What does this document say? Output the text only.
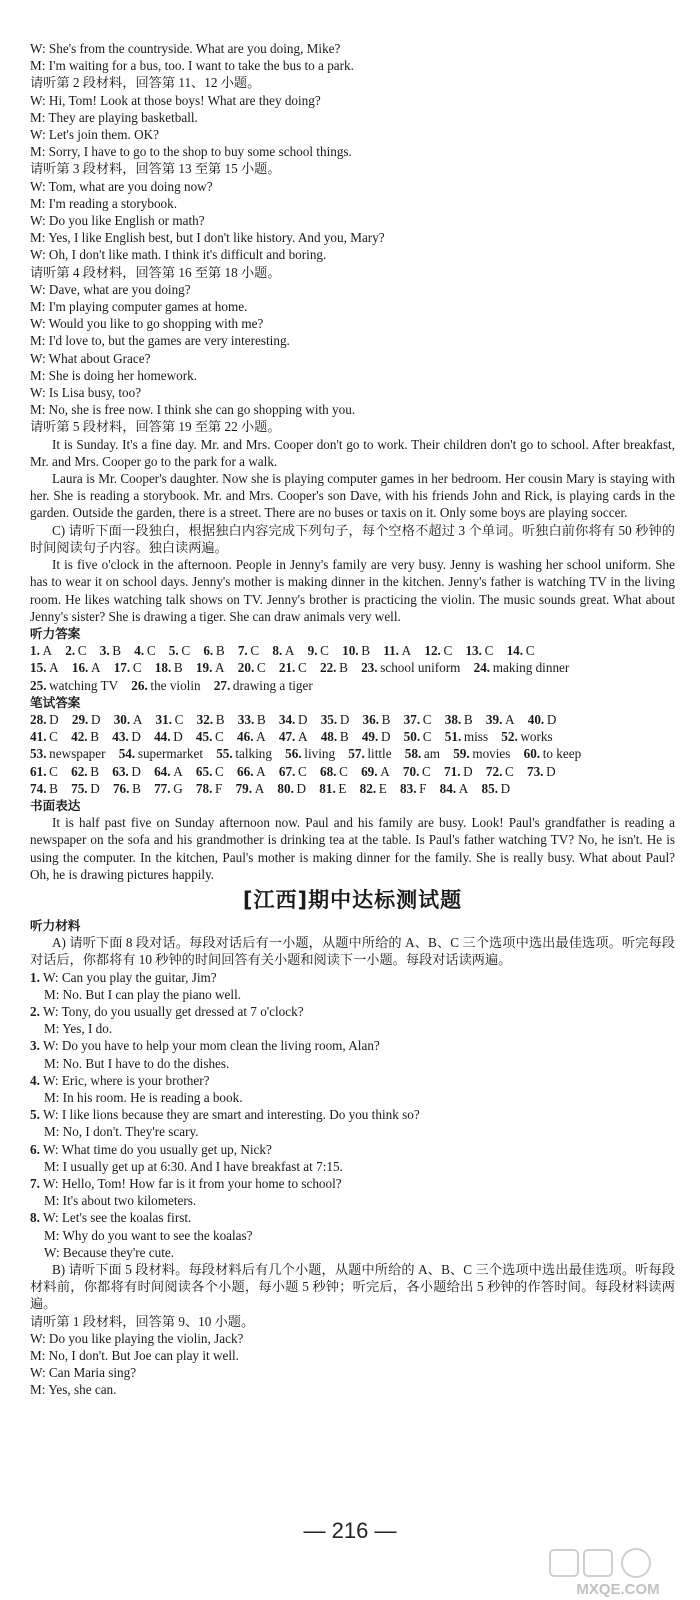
W: She's from the countryside. What are you doing, Mike?
M: I'm waiting for a bus, too. I want to take the bus to a park.
请听第 2 段材料，回答第 11、12 小题。
W: Hi, Tom! Look at those boys! What are they doing?
M: They are playing basketball.
W: Let's join them. OK?
M: Sorry, I have to go to the shop to buy some school things.
请听第 3 段材料，回答第 13 至第 15 小题。
W: Tom, what are you doing now?
M: I'm reading a storybook.
W: Do you like English or math?
M: Yes, I like English best, but I don't like history. And you, Mary?
W: Oh, I don't like math. I think it's difficult and boring.
请听第 4 段材料，回答第 16 至第 18 小题。
W: Dave, what are you doing?
M: I'm playing computer games at home.
W: Would you like to go shopping with me?
M: I'd love to, but the games are very interesting.
W: What about Grace?
M: She is doing her homework.
W: Is Lisa busy, too?
M: No, she is free now. I think she can go shopping with you.
请听第 5 段材料，回答第 19 至第 22 小题。
It is Sunday. It's a fine day. Mr. and Mrs. Cooper don't go to work. Their children don't go to school. After breakfast, Mr. and Mrs. Cooper go to the park for a walk.
Laura is Mr. Cooper's daughter. Now she is playing computer games in her bedroom. Her cousin Mary is staying with her. She is reading a storybook. Mr. and Mrs. Cooper's son Dave, with his friends John and Rick, is playing cards in the garden. Outside the garden, there is a street. There are no buses or taxis on it. Only some boys are playing soccer.
C) 请听下面一段独白，根据独白内容完成下列句子，每个空格不超过 3 个单词。听独白前你将有 50 秒钟的时间阅读句子内容。独白读两遍。
It is five o'clock in the afternoon. People in Jenny's family are very busy. Jenny is washing her school uniform. She has to wear it on school days. Jenny's mother is making dinner in the kitchen. Jenny's father is watching TV in the living room. He likes watching talk shows on TV. Jenny's brother is practicing the violin. The music sounds great. What about Jenny's sister? She is drawing a tiger. She can draw animals very well.
听力答案
1.  A  2.  C  3.  B  4.  C  5.  C  6.  B  7.  C  8.  A  9.  C  10.  B  11.  A  12.  C  13.  C  14.  C
15.  A  16.  A  17.  C  18.  B  19.  A  20.  C  21.  C  22.  B  23.  school uniform  24.  making dinner
25.  watching TV  26.  the violin  27.  drawing a tiger
笔试答案
28.  D  29.  D  30.  A  31.  C  32.  B  33.  B  34.  D  35.  D  36.  B  37.  C  38.  B  39.  A  40.  D
41.  C  42.  B  43.  D  44.  D  45.  C  46.  A  47.  A  48.  B  49.  D  50.  C  51.  miss  52.  works
53.  newspaper  54.  supermarket  55.  talking  56.  living  57.  little  58.  am  59.  movies  60.  to keep
61.  C  62.  B  63.  D  64.  A  65.  C  66.  A  67.  C  68.  C  69.  A  70.  C  71.  D  72.  C  73.  D
74.  B  75.  D  76.  B  77.  G  78.  F  79.  A  80.  D  81.  E  82.  E  83.  F  84.  A  85.  D
书面表达
It is half past five on Sunday afternoon now. Paul and his family are busy. Look! Paul's grandfather is reading a newspaper on the sofa and his grandmother is drinking tea at the table. Is Paul's father watching TV? No, he isn't. He is using the computer. In the kitchen, Paul's mother is making dinner for the family. She is really busy. What about Paul? Oh, he is drawing pictures happily.
[江西]期中达标测试题
听力材料
A) 请听下面 8 段对话。每段对话后有一小题，从题中所给的 A、B、C 三个选项中选出最佳选项。听完每段对话后，你都将有 10 秒钟的时间回答有关小题和阅读下一小题。每段对话读两遍。
1. W: Can you play the guitar, Jim?
M: No. But I can play the piano well.
2. W: Tony, do you usually get dressed at 7 o'clock?
M: Yes, I do.
3. W: Do you have to help your mom clean the living room, Alan?
M: No. But I have to do the dishes.
4. W: Eric, where is your brother?
M: In his room. He is reading a book.
5. W: I like lions because they are smart and interesting. Do you think so?
M: No, I don't. They're scary.
6. W: What time do you usually get up, Nick?
M: I usually get up at 6:30. And I have breakfast at 7:15.
7. W: Hello, Tom! How far is it from your home to school?
M: It's about two kilometers.
8. W: Let's see the koalas first.
M: Why do you want to see the koalas?
W: Because they're cute.
B) 请听下面 5 段材料。每段材料后有几个小题，从题中所给的 A、B、C 三个选项中选出最佳选项。听每段材料前，你都将有时间阅读各个小题，每小题 5 秒钟；听完后，各小题给出 5 秒钟的作答时间。每段材料读两遍。
请听第 1 段材料，回答第 9、10 小题。
W: Do you like playing the violin, Jack?
M: No, I don't. But Joe can play it well.
W: Can Maria sing?
M: Yes, she can.
— 216 —
MXQE.COM
